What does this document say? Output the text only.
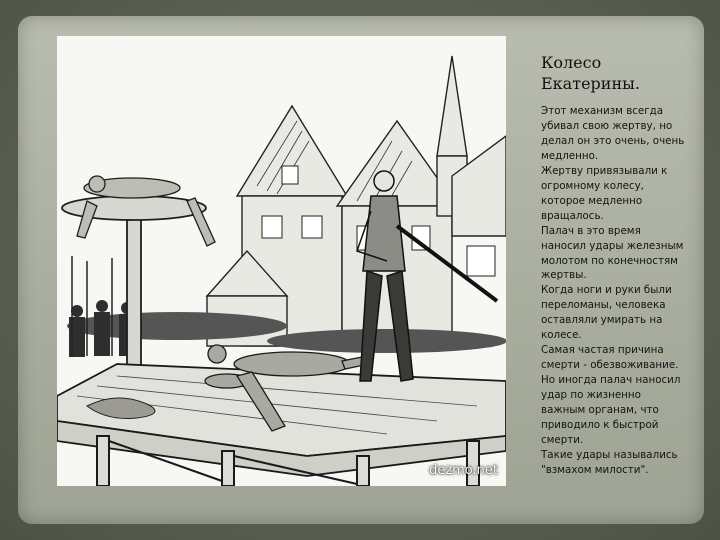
dezmo.net
Колесо
Екатерины.
Этот механизм всегда
убивал свою жертву, но
делал он это очень, очень
медленно.
Жертву привязывали к
огромному колесу,
которое медленно
вращалось.
Палач в это время
наносил удары железным
молотом по конечностям
жертвы.
Когда ноги и руки были
переломаны, человека
оставляли умирать на
колесе.
Самая частая причина
смерти - обезвоживание.
Но иногда палач наносил
удар по жизненно
важным органам, что
приводило к быстрой
смерти.
Такие удары назывались
"взмахом милости".
